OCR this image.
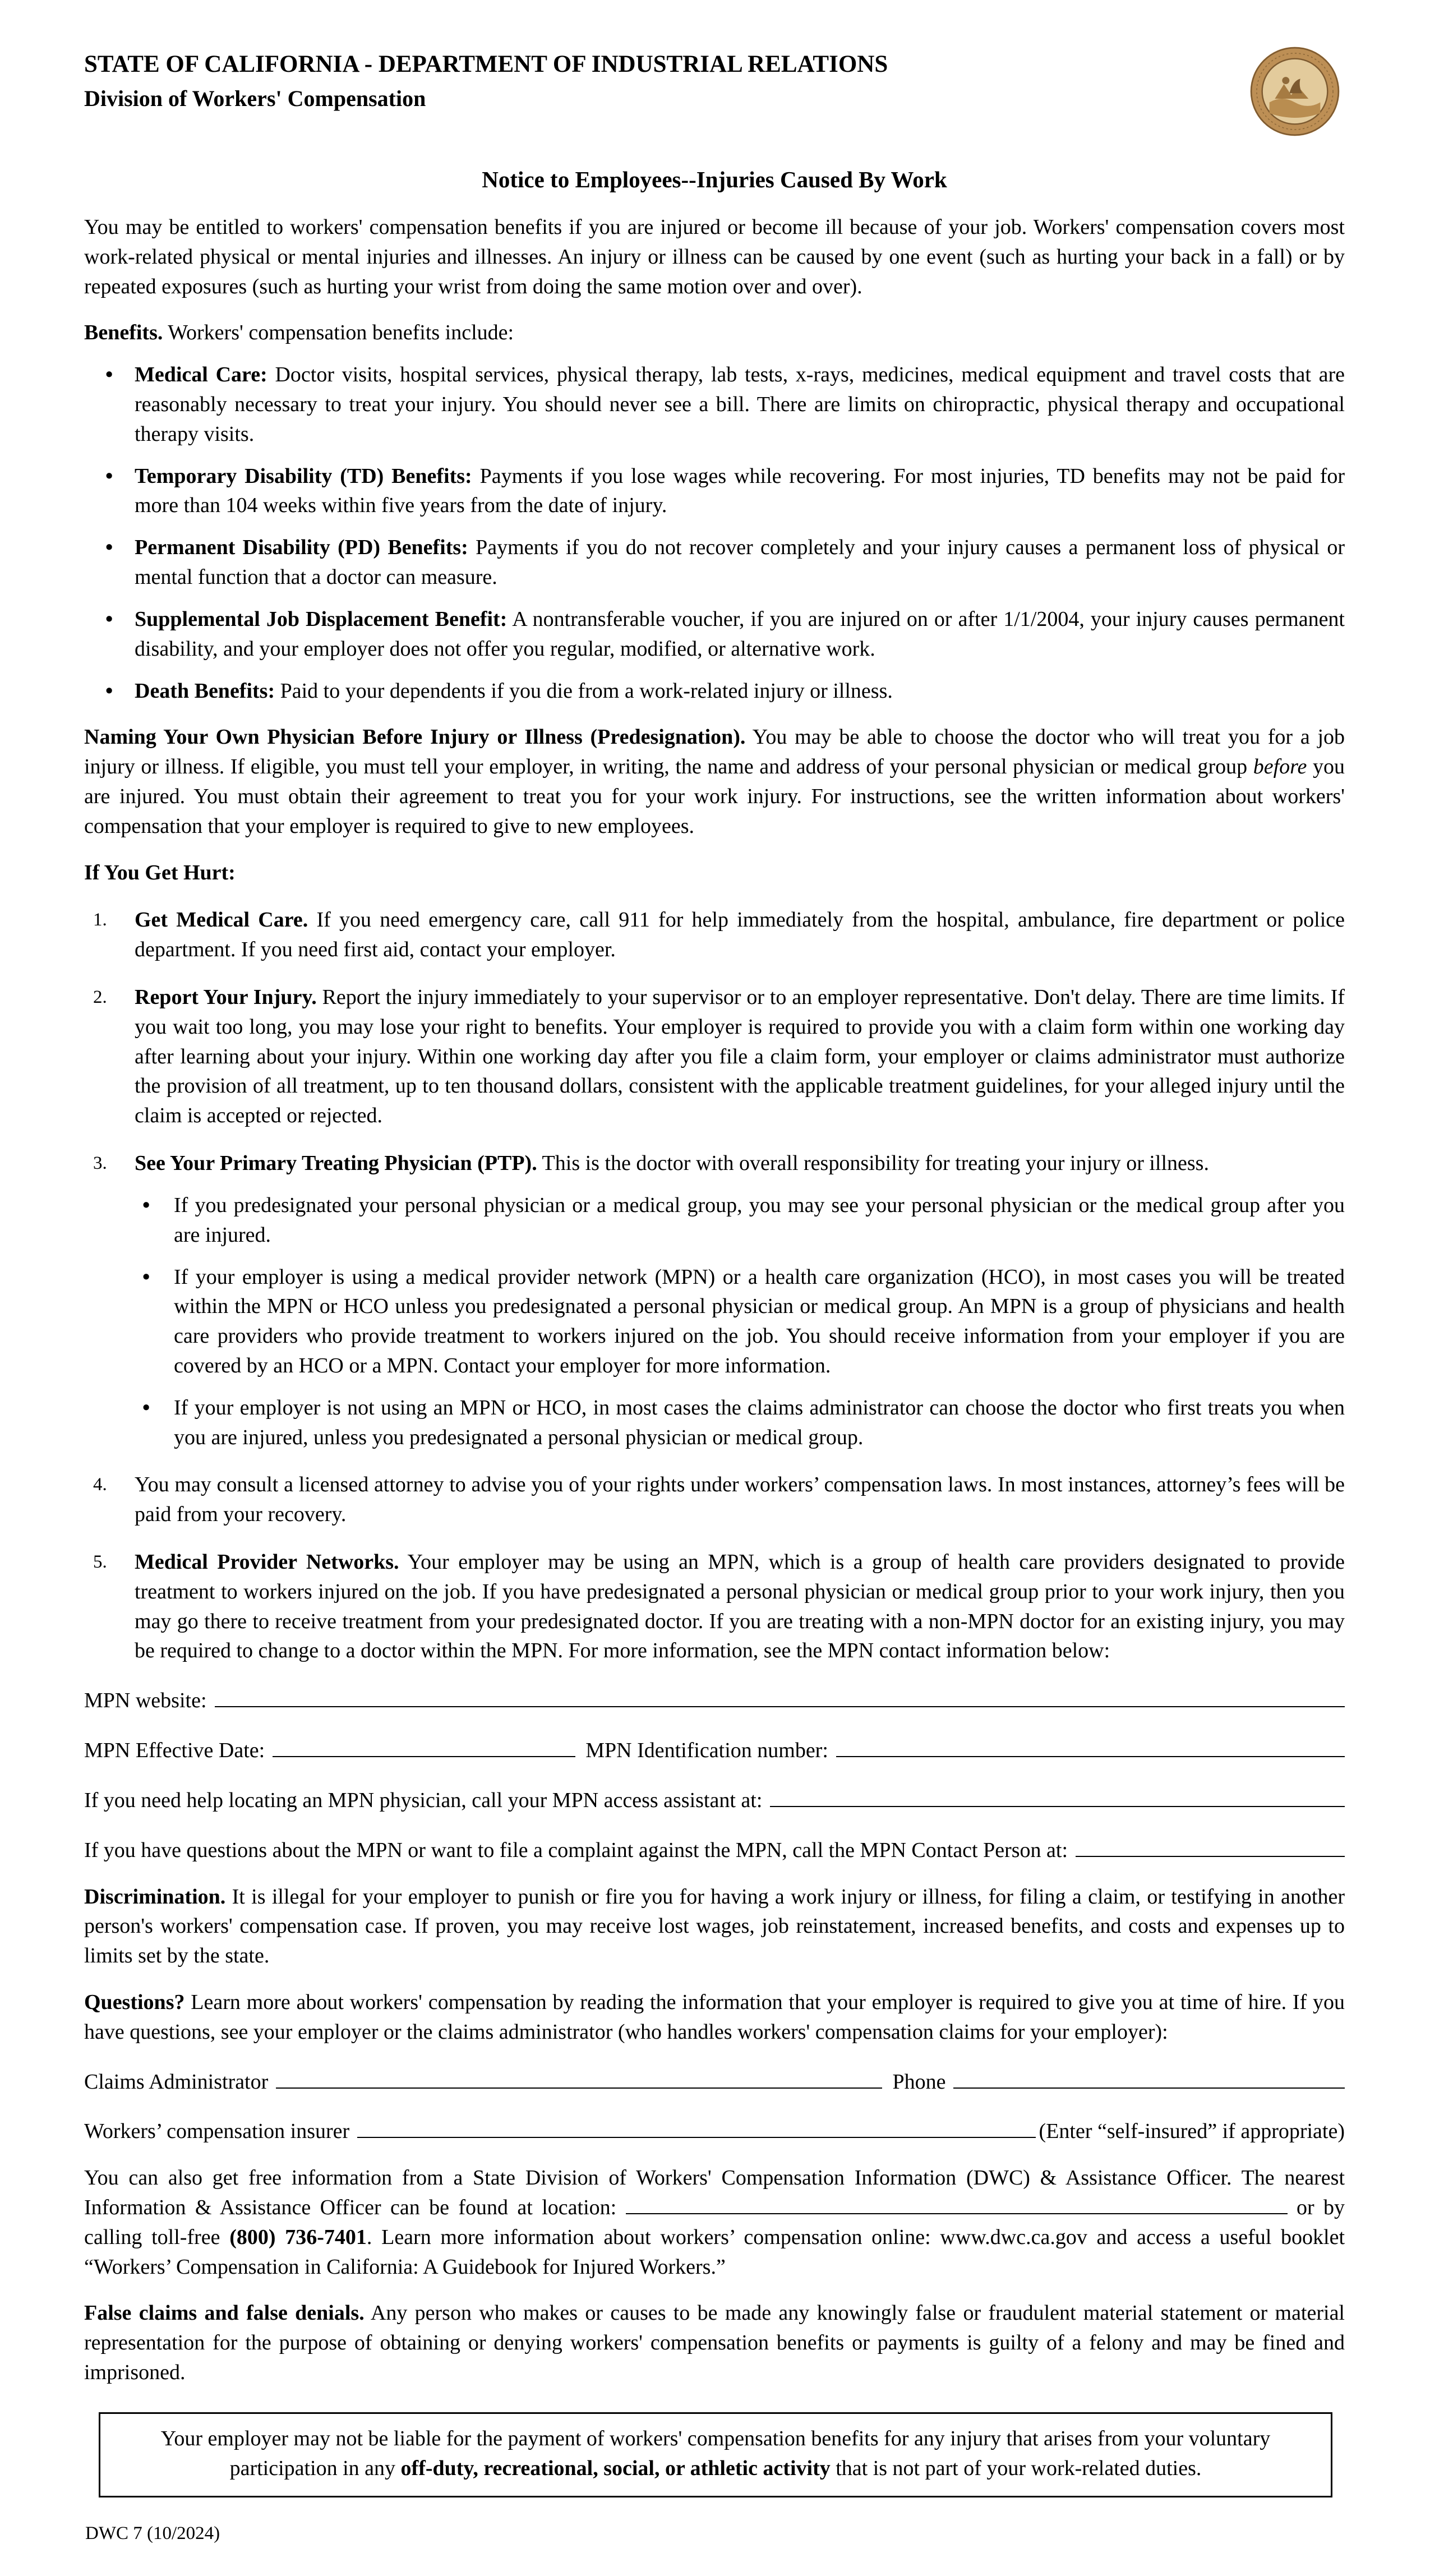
STATE OF CALIFORNIA - DEPARTMENT OF INDUSTRIAL RELATIONS
Division of Workers' Compensation
Notice to Employees--Injuries Caused By Work

You may be entitled to workers' compensation benefits if you are injured or become ill because of your job. Workers' compensation covers most work-related physical or mental injuries and illnesses. An injury or illness can be caused by one event (such as hurting your back in a fall) or by repeated exposures (such as hurting your wrist from doing the same motion over and over).

Benefits. Workers' compensation benefits include:

• Medical Care: Doctor visits, hospital services, physical therapy, lab tests, x-rays, medicines, medical equipment and travel costs that are reasonably necessary to treat your injury. You should never see a bill. There are limits on chiropractic, physical therapy and occupational therapy visits.
• Temporary Disability (TD) Benefits: Payments if you lose wages while recovering. For most injuries, TD benefits may not be paid for more than 104 weeks within five years from the date of injury.
• Permanent Disability (PD) Benefits: Payments if you do not recover completely and your injury causes a permanent loss of physical or mental function that a doctor can measure.
• Supplemental Job Displacement Benefit: A nontransferable voucher, if you are injured on or after 1/1/2004, your injury causes permanent disability, and your employer does not offer you regular, modified, or alternative work.
• Death Benefits: Paid to your dependents if you die from a work-related injury or illness.

Naming Your Own Physician Before Injury or Illness (Predesignation). You may be able to choose the doctor who will treat you for a job injury or illness. If eligible, you must tell your employer, in writing, the name and address of your personal physician or medical group before you are injured. You must obtain their agreement to treat you for your work injury. For instructions, see the written information about workers' compensation that your employer is required to give to new employees.

If You Get Hurt:

1.	Get Medical Care. If you need emergency care, call 911 for help immediately from the hospital, ambulance, fire department or police department. If you need first aid, contact your employer.
2.	Report Your Injury. Report the injury immediately to your supervisor or to an employer representative. Don't delay. There are time limits. If you wait too long, you may lose your right to benefits. Your employer is required to provide you with a claim form within one working day after learning about your injury. Within one working day after you file a claim form, your employer or claims administrator must authorize the provision of all treatment, up to ten thousand dollars, consistent with the applicable treatment guidelines, for your alleged injury until the claim is accepted or rejected.
3.	See Your Primary Treating Physician (PTP). This is the doctor with overall responsibility for treating your injury or illness.
• If you predesignated your personal physician or a medical group, you may see your personal physician or the medical group after you are injured.
• If your employer is using a medical provider network (MPN) or a health care organization (HCO), in most cases you will be treated within the MPN or HCO unless you predesignated a personal physician or medical group. An MPN is a group of physicians and health care providers who provide treatment to workers injured on the job. You should receive information from your employer if you are covered by an HCO or a MPN. Contact your employer for more information.
• If your employer is not using an MPN or HCO, in most cases the claims administrator can choose the doctor who first treats you when you are injured, unless you predesignated a personal physician or medical group.
4.	You may consult a licensed attorney to advise you of your rights under workers’ compensation laws. In most instances, attorney’s fees will be paid from your recovery.
5.	Medical Provider Networks. Your employer may be using an MPN, which is a group of health care providers designated to provide treatment to workers injured on the job. If you have predesignated a personal physician or medical group prior to your work injury, then you may go there to receive treatment from your predesignated doctor. If you are treating with a non-MPN doctor for an existing injury, you may be required to change to a doctor within the MPN. For more information, see the MPN contact information below:
MPN website:
MPN Effective Date:	MPN Identification number:
If you need help locating an MPN physician, call your MPN access assistant at:
If you have questions about the MPN or want to file a complaint against the MPN, call the MPN Contact Person at:

Discrimination. It is illegal for your employer to punish or fire you for having a work injury or illness, for filing a claim, or testifying in another person's workers' compensation case. If proven, you may receive lost wages, job reinstatement, increased benefits, and costs and expenses up to limits set by the state.

Questions? Learn more about workers' compensation by reading the information that your employer is required to give you at time of hire. If you have questions, see your employer or the claims administrator (who handles workers' compensation claims for your employer):

Claims Administrator	Phone
Workers’ compensation insurer	(Enter “self-insured” if appropriate)

You can also get free information from a State Division of Workers' Compensation Information (DWC) & Assistance Officer. The nearest Information & Assistance Officer can be found at location:	or by calling toll-free (800) 736-7401. Learn more information about workers’ compensation online: www.dwc.ca.gov and access a useful booklet “Workers’ Compensation in California: A Guidebook for Injured Workers.”

False claims and false denials. Any person who makes or causes to be made any knowingly false or fraudulent material statement or material representation for the purpose of obtaining or denying workers' compensation benefits or payments is guilty of a felony and may be fined and imprisoned.

Your employer may not be liable for the payment of workers' compensation benefits for any injury that arises from your voluntary participation in any off-duty, recreational, social, or athletic activity that is not part of your work-related duties.
DWC 7 (10/2024)
